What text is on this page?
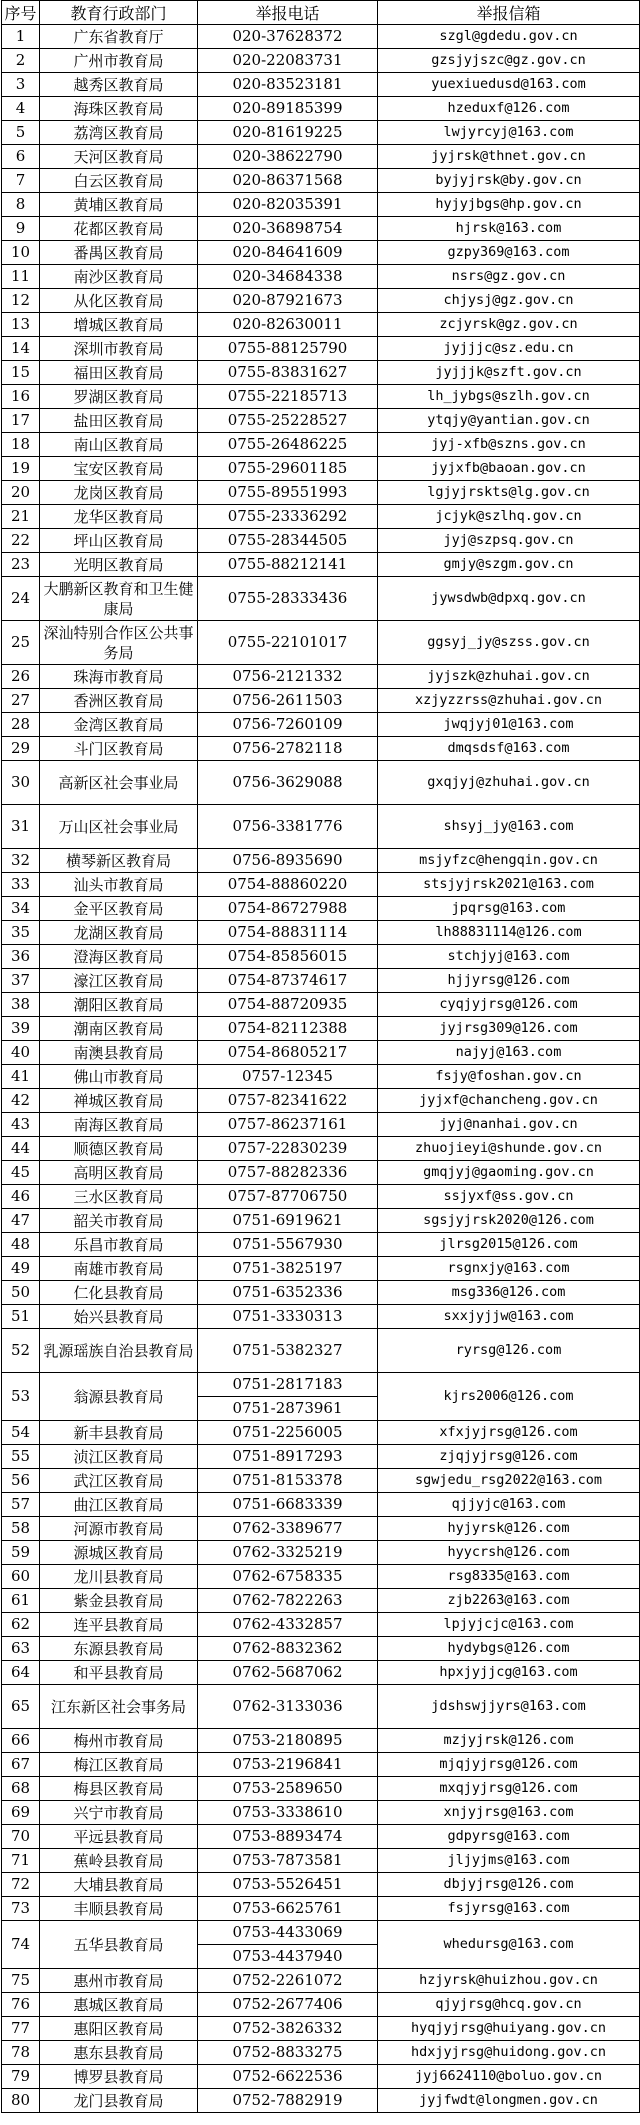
序号	教育行政部门	举报电话	举报信箱
1	广东省教育厅	020-37628372	szgl@gdedu.gov.cn
2	广州市教育局	020-22083731	gzsjyjszc@gz.gov.cn
3	越秀区教育局	020-83523181	yuexiuedusd@163.com
4	海珠区教育局	020-89185399	hzeduxf@126.com
5	荔湾区教育局	020-81619225	lwjyrcyj@163.com
6	天河区教育局	020-38622790	jyjrsk@thnet.gov.cn
7	白云区教育局	020-86371568	byjyjrsk@by.gov.cn
8	黄埔区教育局	020-82035391	hyjyjbgs@hp.gov.cn
9	花都区教育局	020-36898754	hjrsk@163.com
10	番禺区教育局	020-84641609	gzpy369@163.com
11	南沙区教育局	020-34684338	nsrs@gz.gov.cn
12	从化区教育局	020-87921673	chjysj@gz.gov.cn
13	增城区教育局	020-82630011	zcjyrsk@gz.gov.cn
14	深圳市教育局	0755-88125790	jyjjjc@sz.edu.cn
15	福田区教育局	0755-83831627	jyjjjk@szft.gov.cn
16	罗湖区教育局	0755-22185713	lh_jybgs@szlh.gov.cn
17	盐田区教育局	0755-25228527	ytqjy@yantian.gov.cn
18	南山区教育局	0755-26486225	jyj-xfb@szns.gov.cn
19	宝安区教育局	0755-29601185	jyjxfb@baoan.gov.cn
20	龙岗区教育局	0755-89551993	lgjyjrskts@lg.gov.cn
21	龙华区教育局	0755-23336292	jcjyk@szlhq.gov.cn
22	坪山区教育局	0755-28344505	jyj@szpsq.gov.cn
23	光明区教育局	0755-88212141	gmjy@szgm.gov.cn
24	大鹏新区教育和卫生健康局	0755-28333436	jywsdwb@dpxq.gov.cn
25	深汕特别合作区公共事务局	0755-22101017	ggsyj_jy@szss.gov.cn
26	珠海市教育局	0756-2121332	jyjszk@zhuhai.gov.cn
27	香洲区教育局	0756-2611503	xzjyzzrss@zhuhai.gov.cn
28	金湾区教育局	0756-7260109	jwqjyj01@163.com
29	斗门区教育局	0756-2782118	dmqsdsf@163.com
30	高新区社会事业局	0756-3629088	gxqjyj@zhuhai.gov.cn
31	万山区社会事业局	0756-3381776	shsyj_jy@163.com
32	横琴新区教育局	0756-8935690	msjyfzc@hengqin.gov.cn
33	汕头市教育局	0754-88860220	stsjyjrsk2021@163.com
34	金平区教育局	0754-86727988	jpqrsg@163.com
35	龙湖区教育局	0754-88831114	lh88831114@126.com
36	澄海区教育局	0754-85856015	stchjyj@163.com
37	濠江区教育局	0754-87374617	hjjyrsg@126.com
38	潮阳区教育局	0754-88720935	cyqjyjrsg@126.com
39	潮南区教育局	0754-82112388	jyjrsg309@126.com
40	南澳县教育局	0754-86805217	najyj@163.com
41	佛山市教育局	0757-12345	fsjy@foshan.gov.cn
42	禅城区教育局	0757-82341622	jyjxf@chancheng.gov.cn
43	南海区教育局	0757-86237161	jyj@nanhai.gov.cn
44	顺德区教育局	0757-22830239	zhuojieyi@shunde.gov.cn
45	高明区教育局	0757-88282336	gmqjyj@gaoming.gov.cn
46	三水区教育局	0757-87706750	ssjyxf@ss.gov.cn
47	韶关市教育局	0751-6919621	sgsjyjrsk2020@126.com
48	乐昌市教育局	0751-5567930	jlrsg2015@126.com
49	南雄市教育局	0751-3825197	rsgnxjy@163.com
50	仁化县教育局	0751-6352336	msg336@126.com
51	始兴县教育局	0751-3330313	sxxjyjjw@163.com
52	乳源瑶族自治县教育局	0751-5382327	ryrsg@126.com
53	翁源县教育局	0751-2817183	kjrs2006@126.com
		0751-2873961	
54	新丰县教育局	0751-2256005	xfxjyjrsg@126.com
55	浈江区教育局	0751-8917293	zjqjyjrsg@126.com
56	武江区教育局	0751-8153378	sgwjedu_rsg2022@163.com
57	曲江区教育局	0751-6683339	qjjyjc@163.com
58	河源市教育局	0762-3389677	hyjyrsk@126.com
59	源城区教育局	0762-3325219	hyycrsh@126.com
60	龙川县教育局	0762-6758335	rsg8335@163.com
61	紫金县教育局	0762-7822263	zjb2263@163.com
62	连平县教育局	0762-4332857	lpjyjcjc@163.com
63	东源县教育局	0762-8832362	hydybgs@126.com
64	和平县教育局	0762-5687062	hpxjyjjcg@163.com
65	江东新区社会事务局	0762-3133036	jdshswjjyrs@163.com
66	梅州市教育局	0753-2180895	mzjyjrsk@126.com
67	梅江区教育局	0753-2196841	mjqjyjrsg@126.com
68	梅县区教育局	0753-2589650	mxqjyjrsg@126.com
69	兴宁市教育局	0753-3338610	xnjyjrsg@163.com
70	平远县教育局	0753-8893474	gdpyrsg@163.com
71	蕉岭县教育局	0753-7873581	jljyjms@163.com
72	大埔县教育局	0753-5526451	dbjyjrsg@126.com
73	丰顺县教育局	0753-6625761	fsjyrsg@163.com
74	五华县教育局	0753-4433069	whedursg@163.com
		0753-4437940	
75	惠州市教育局	0752-2261072	hzjyrsk@huizhou.gov.cn
76	惠城区教育局	0752-2677406	qjyjrsg@hcq.gov.cn
77	惠阳区教育局	0752-3826332	hyqjyjrsg@huiyang.gov.cn
78	惠东县教育局	0752-8833275	hdxjyjrsg@huidong.gov.cn
79	博罗县教育局	0752-6622536	jyj6624110@boluo.gov.cn
80	龙门县教育局	0752-7882919	jyjfwdt@longmen.gov.cn
